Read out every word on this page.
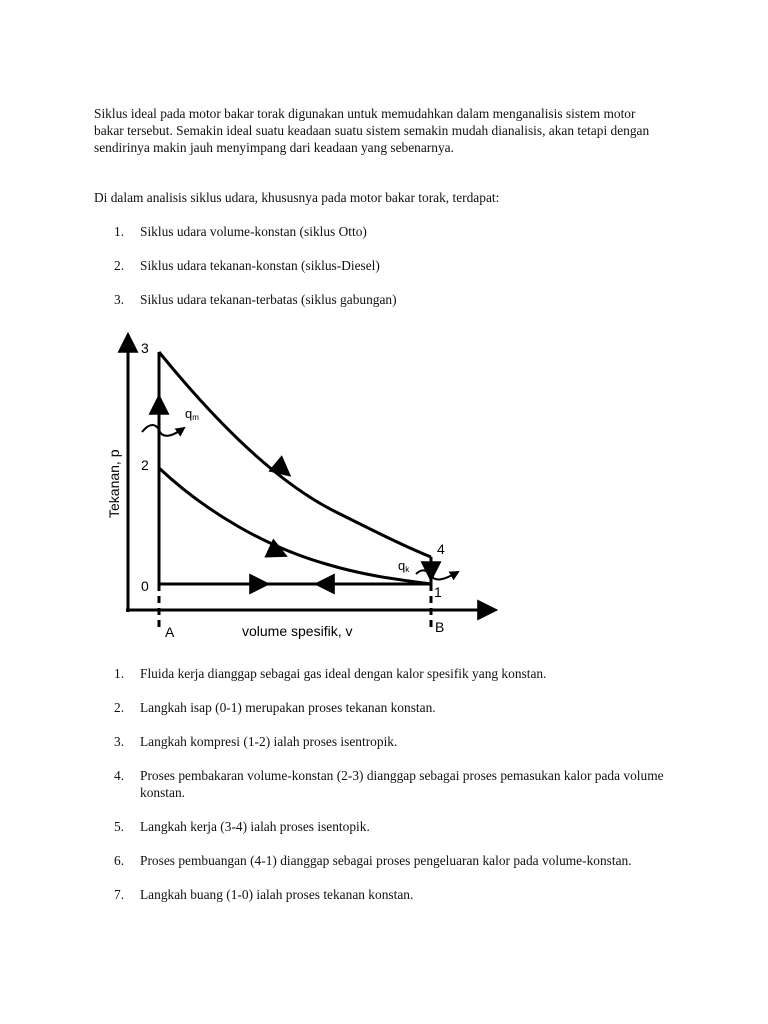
Siklus ideal pada motor bakar torak digunakan untuk memudahkan dalam menganalisis sistem motor bakar tersebut. Semakin ideal suatu keadaan suatu sistem semakin mudah dianalisis, akan tetapi dengan sendirinya makin jauh menyimpang dari keadaan yang sebenarnya.

Di dalam analisis siklus udara, khususnya pada motor bakar torak, terdapat:

1. Siklus udara volume-konstan (siklus Otto)
2. Siklus udara tekanan-konstan (siklus-Diesel)
3. Siklus udara tekanan-terbatas (siklus gabungan)
Tekanan, p
volume spesifik, v
3
2
0
4
1
A	B
qm
qk
1. Fluida kerja dianggap sebagai gas ideal dengan kalor spesifik yang konstan.
2. Langkah isap (0-1) merupakan proses tekanan konstan.
3. Langkah kompresi (1-2) ialah proses isentropik.
4. Proses pembakaran volume-konstan (2-3) dianggap sebagai proses pemasukan kalor pada volume konstan.
5. Langkah kerja (3-4) ialah proses isentopik.
6. Proses pembuangan (4-1) dianggap sebagai proses pengeluaran kalor pada volume-konstan.
7. Langkah buang (1-0) ialah proses tekanan konstan.
